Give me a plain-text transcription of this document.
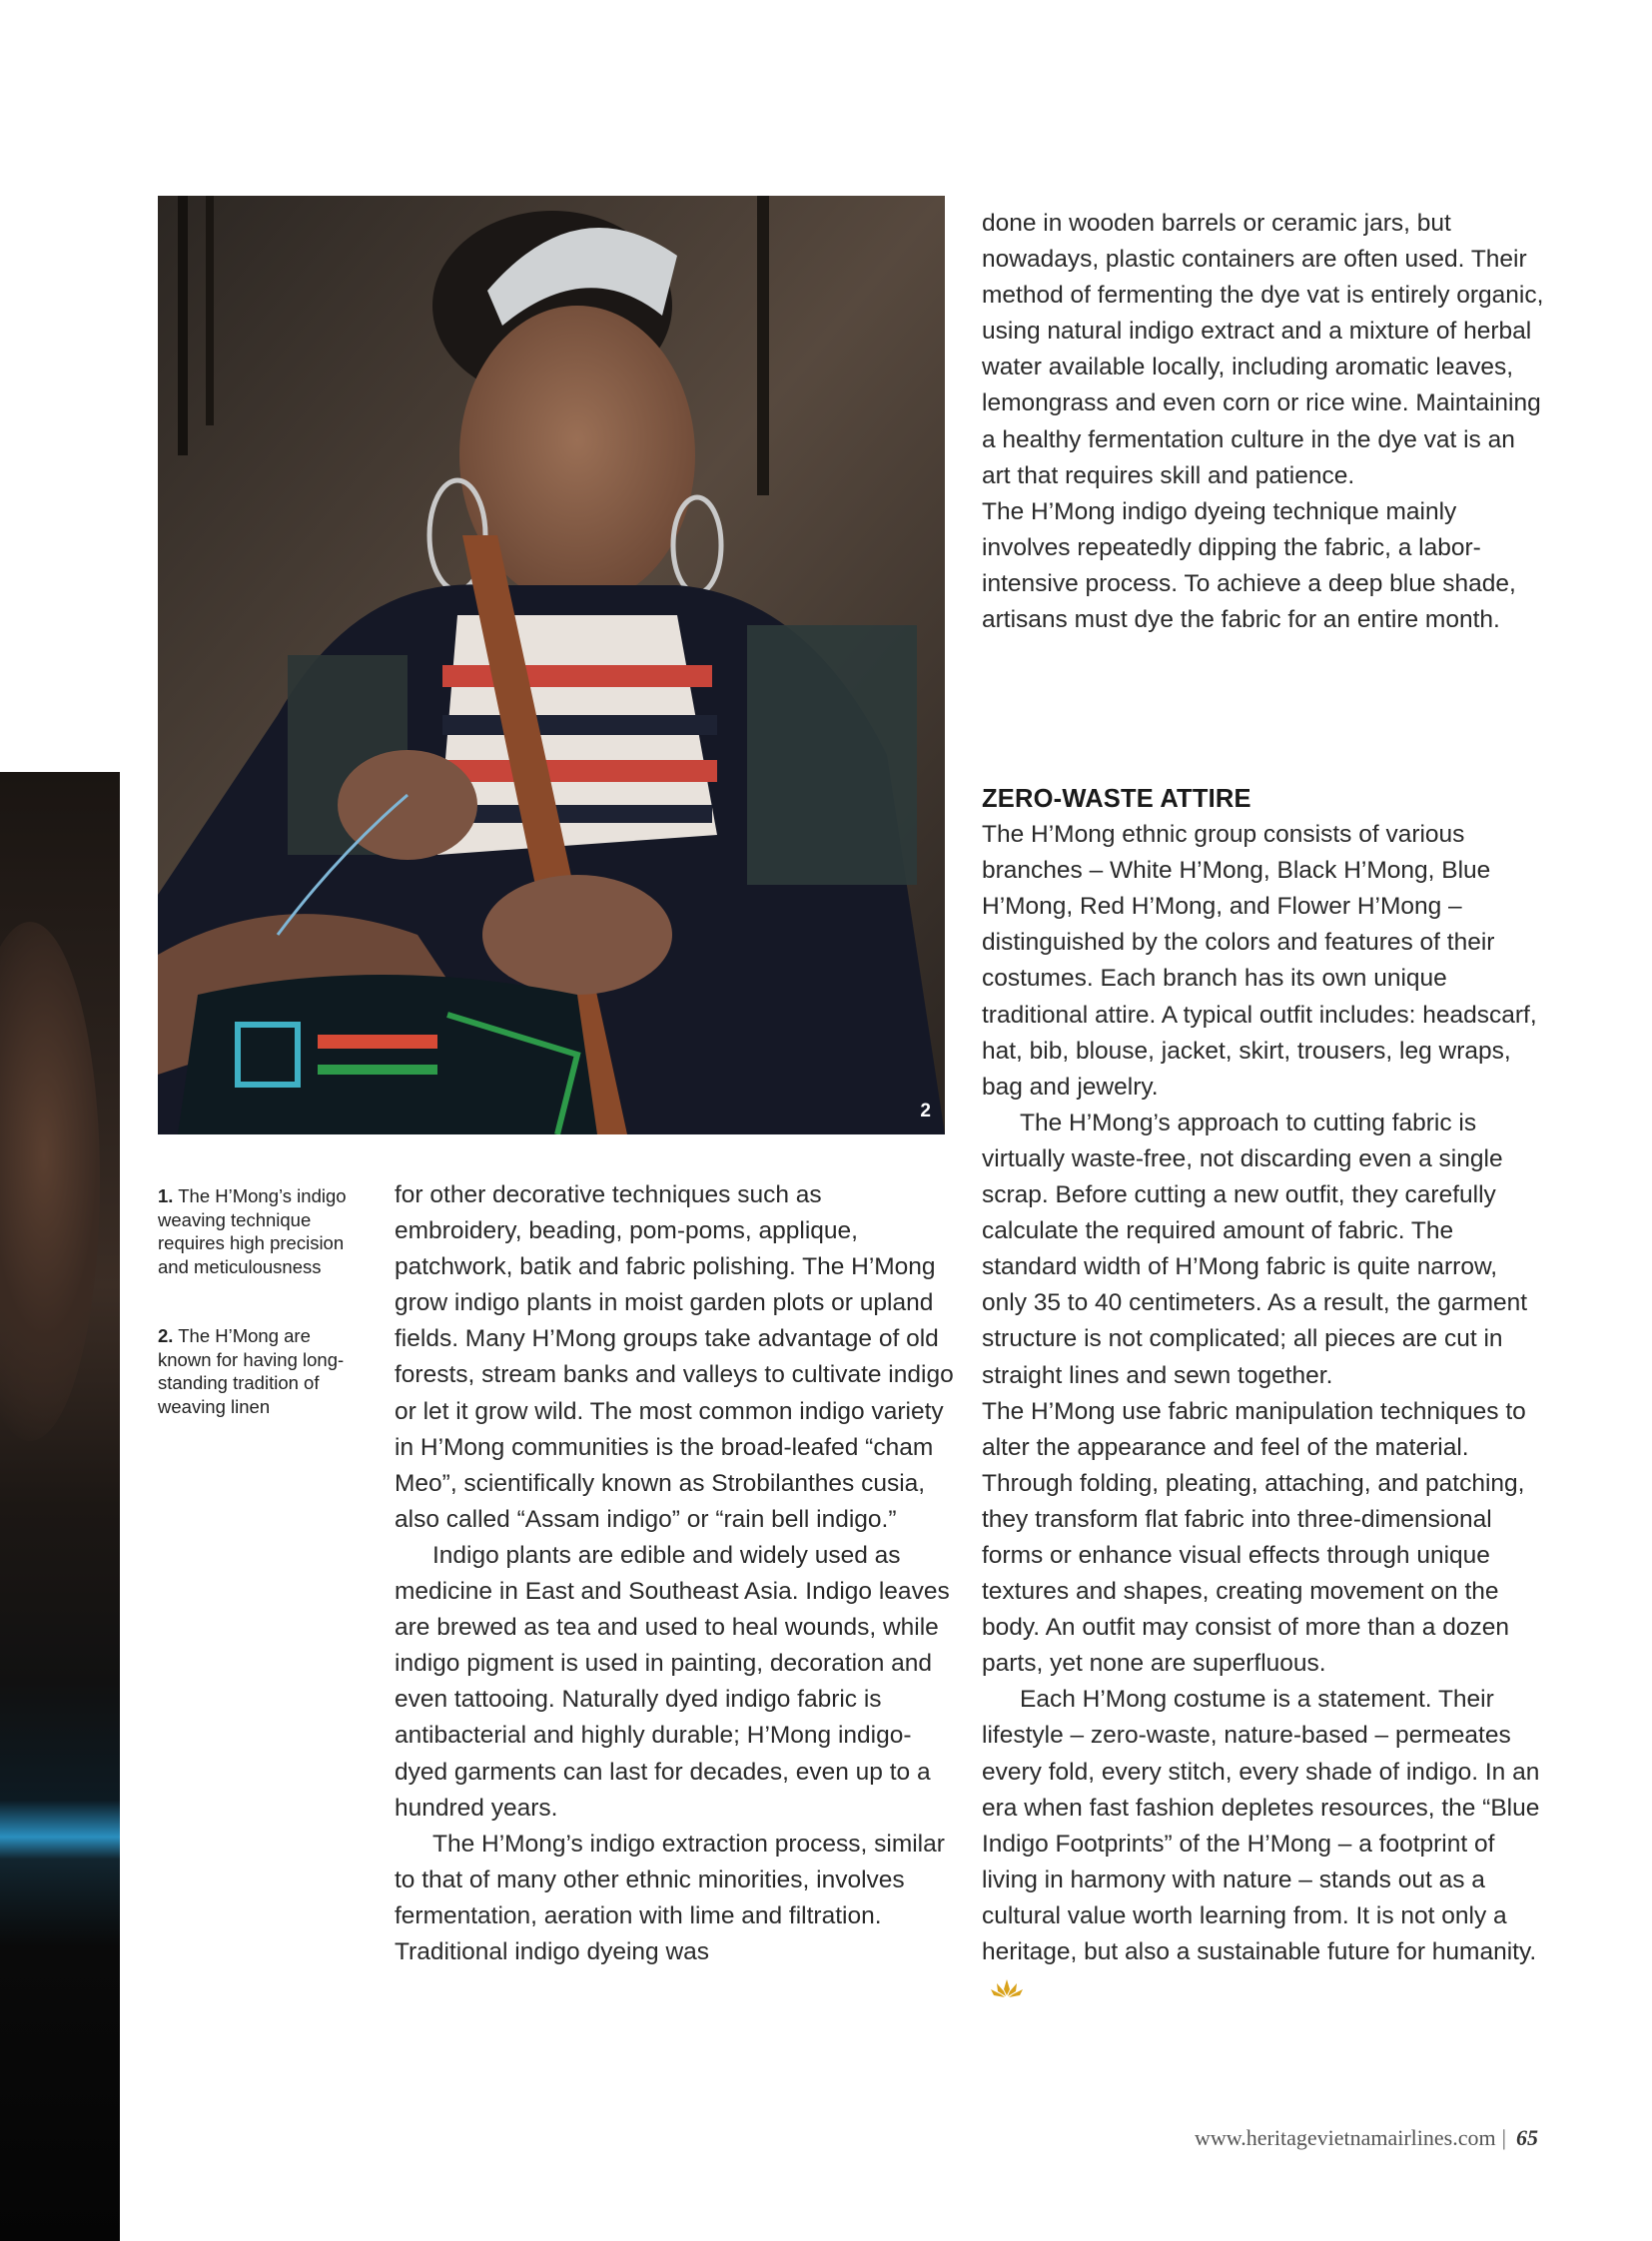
2
1. The H’Mong’s indigo weaving technique requires high precision and meticulousness
2. The H’Mong are known for having long-standing tradition of weaving linen

for other decorative techniques such as embroidery, beading, pom-poms, applique, patchwork, batik and fabric polishing. The H’Mong grow indigo plants in moist garden plots or upland fields. Many H’Mong groups take advantage of old forests, stream banks and valleys to cultivate indigo or let it grow wild. The most common indigo variety in H’Mong communities is the broad-leafed “cham Meo”, scientifically known as Strobilanthes cusia, also called “Assam indigo” or “rain bell indigo.”

Indigo plants are edible and widely used as medicine in East and Southeast Asia. Indigo leaves are brewed as tea and used to heal wounds, while indigo pigment is used in painting, decoration and even tattooing. Naturally dyed indigo fabric is antibacterial and highly durable; H’Mong indigo-dyed garments can last for decades, even up to a hundred years.

The H’Mong’s indigo extraction process, similar to that of many other ethnic minorities, involves fermentation, aeration with lime and filtration. Traditional indigo dyeing was

done in wooden barrels or ceramic jars, but nowadays, plastic containers are often used. Their method of fermenting the dye vat is entirely organic, using natural indigo extract and a mixture of herbal water available locally, including aromatic leaves, lemongrass and even corn or rice wine. Maintaining a healthy fermentation culture in the dye vat is an art that requires skill and patience.

The H’Mong indigo dyeing technique mainly involves repeatedly dipping the fabric, a labor-intensive process. To achieve a deep blue shade, artisans must dye the fabric for an entire month.

ZERO-WASTE ATTIRE

The H’Mong ethnic group consists of various branches – White H’Mong, Black H’Mong, Blue H’Mong, Red H’Mong, and Flower H’Mong – distinguished by the colors and features of their costumes. Each branch has its own unique traditional attire. A typical outfit includes: headscarf, hat, bib, blouse, jacket, skirt, trousers, leg wraps, bag and jewelry.

The H’Mong’s approach to cutting fabric is virtually waste-free, not discarding even a single scrap. Before cutting a new outfit, they carefully calculate the required amount of fabric. The standard width of H’Mong fabric is quite narrow, only 35 to 40 centimeters. As a result, the garment structure is not complicated; all pieces are cut in straight lines and sewn together.

The H’Mong use fabric manipulation techniques to alter the appearance and feel of the material. Through folding, pleating, attaching, and patching, they transform flat fabric into three-dimensional forms or enhance visual effects through unique textures and shapes, creating movement on the body. An outfit may consist of more than a dozen parts, yet none are superfluous.

Each H’Mong costume is a statement. Their lifestyle – zero-waste, nature-based – permeates every fold, every stitch, every shade of indigo. In an era when fast fashion depletes resources, the “Blue Indigo Footprints” of the H’Mong – a footprint of living in harmony with nature – stands out as a cultural value worth learning from. It is not only a heritage, but also a sustainable future for humanity.

www.heritagevietnamairlines.com | 65
